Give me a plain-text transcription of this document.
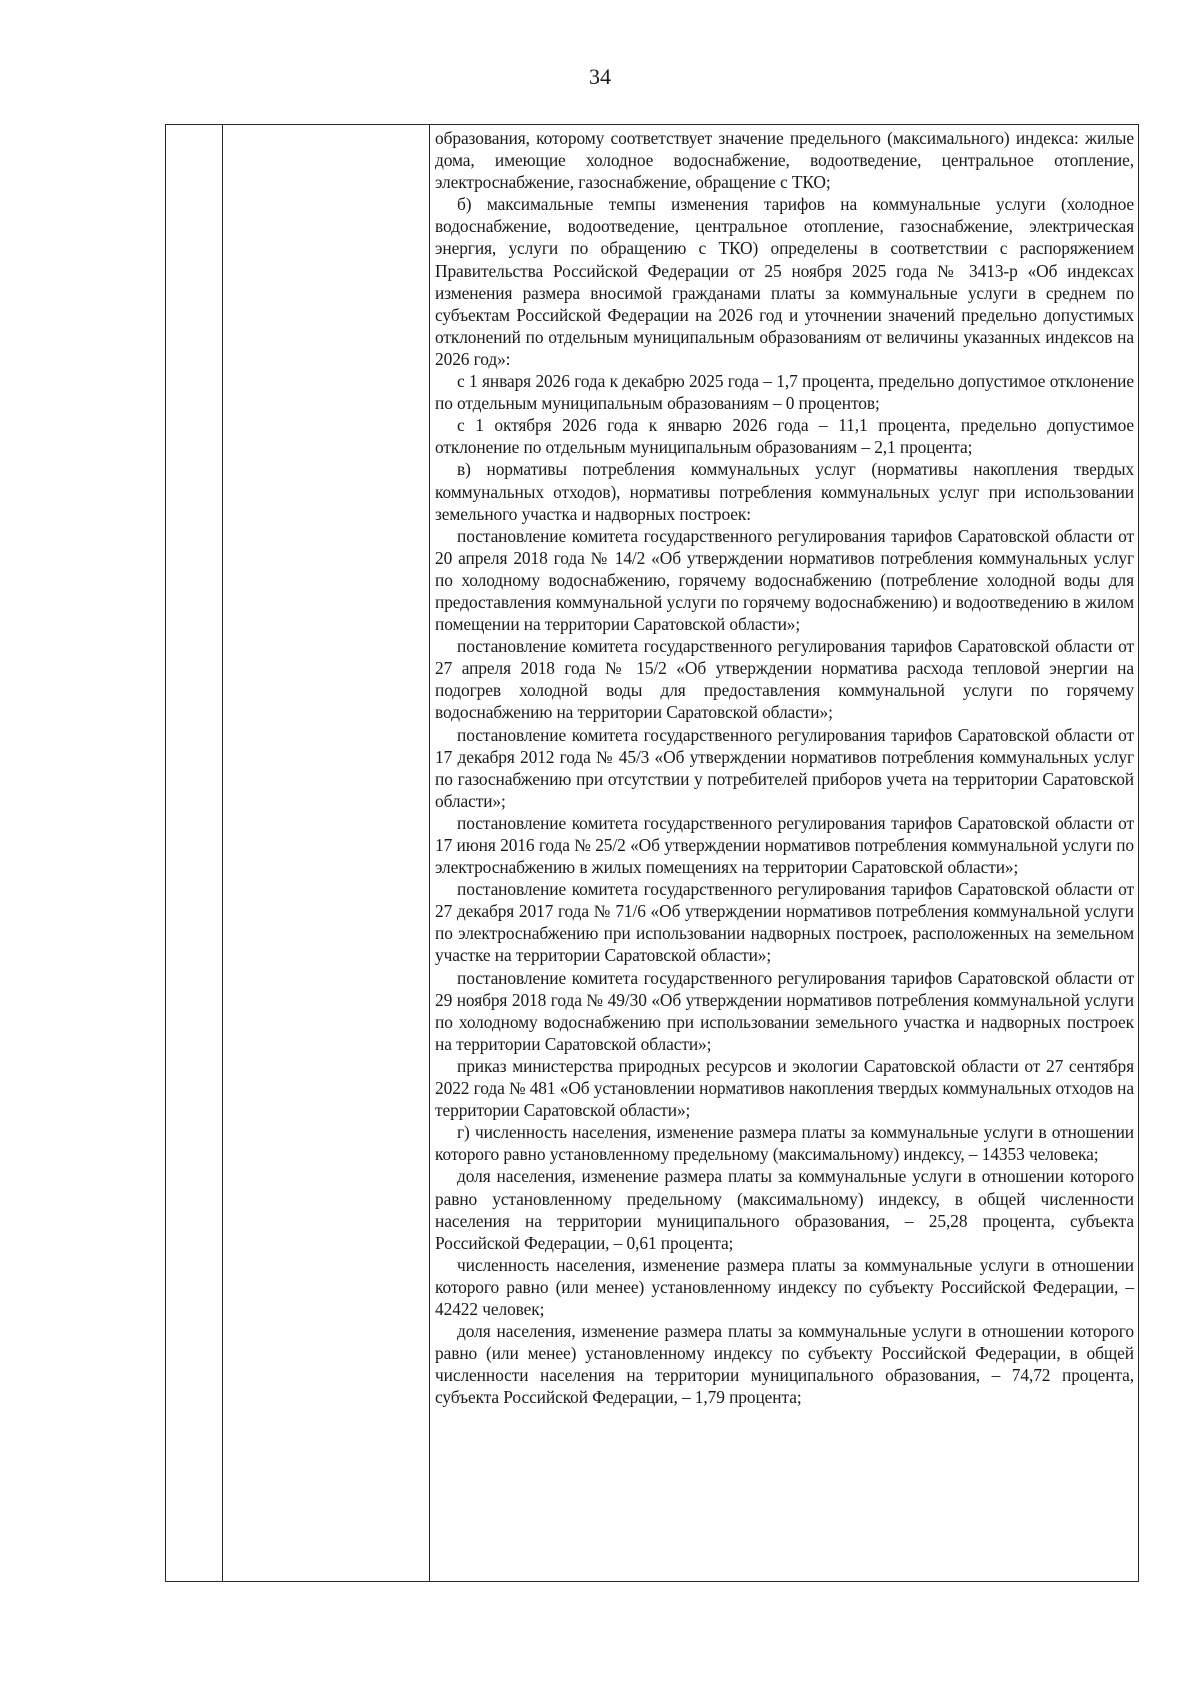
34

образования, которому соответствует значение предельного (максимального) индекса: жилые дома, имеющие холодное водоснабжение, водоотведение, центральное отопление, электроснабжение, газоснабжение, обращение с ТКО;

б) максимальные темпы изменения тарифов на коммунальные услуги (холодное водоснабжение, водоотведение, центральное отопление, газоснабжение, электрическая энергия, услуги по обращению с ТКО) определены в соответствии с распоряжением Правительства Российской Федерации от 25 ноября 2025 года № 3413-р «Об индексах изменения размера вносимой гражданами платы за коммунальные услуги в среднем по субъектам Российской Федерации на 2026 год и уточнении значений предельно допустимых отклонений по отдельным муниципальным образованиям от величины указанных индексов на 2026 год»:

с 1 января 2026 года к декабрю 2025 года – 1,7 процента, предельно допустимое отклонение по отдельным муниципальным образованиям – 0 процентов;

с 1 октября 2026 года к январю 2026 года – 11,1 процента, предельно допустимое отклонение по отдельным муниципальным образованиям – 2,1 процента;

в) нормативы потребления коммунальных услуг (нормативы накопления твердых коммунальных отходов), нормативы потребления коммунальных услуг при использовании земельного участка и надворных построек:

постановление комитета государственного регулирования тарифов Саратовской области от 20 апреля 2018 года № 14/2 «Об утверждении нормативов потребления коммунальных услуг по холодному водоснабжению, горячему водоснабжению (потребление холодной воды для предоставления коммунальной услуги по горячему водоснабжению) и водоотведению в жилом помещении на территории Саратовской области»;

постановление комитета государственного регулирования тарифов Саратовской области от 27 апреля 2018 года № 15/2 «Об утверждении норматива расхода тепловой энергии на подогрев холодной воды для предоставления коммунальной услуги по горячему водоснабжению на территории Саратовской области»;

постановление комитета государственного регулирования тарифов Саратовской области от 17 декабря 2012 года № 45/3 «Об утверждении нормативов потребления коммунальных услуг по газоснабжению при отсутствии у потребителей приборов учета на территории Саратовской области»;

постановление комитета государственного регулирования тарифов Саратовской области от 17 июня 2016 года № 25/2 «Об утверждении нормативов потребления коммунальной услуги по электроснабжению в жилых помещениях на территории Саратовской области»;

постановление комитета государственного регулирования тарифов Саратовской области от 27 декабря 2017 года № 71/6 «Об утверждении нормативов потребления коммунальной услуги по электроснабжению при использовании надворных построек, расположенных на земельном участке на территории Саратовской области»;

постановление комитета государственного регулирования тарифов Саратовской области от 29 ноября 2018 года № 49/30 «Об утверждении нормативов потребления коммунальной услуги по холодному водоснабжению при использовании земельного участка и надворных построек на территории Саратовской области»;

приказ министерства природных ресурсов и экологии Саратовской области от 27 сентября 2022 года № 481 «Об установлении нормативов накопления твердых коммунальных отходов на территории Саратовской области»;

г) численность населения, изменение размера платы за коммунальные услуги в отношении которого равно установленному предельному (максимальному) индексу, – 14353 человека;

доля населения, изменение размера платы за коммунальные услуги в отношении которого равно установленному предельному (максимальному) индексу, в общей численности населения на территории муниципального образования, – 25,28 процента, субъекта Российской Федерации, – 0,61 процента;

численность населения, изменение размера платы за коммунальные услуги в отношении которого равно (или менее) установленному индексу по субъекту Российской Федерации, – 42422 человек;

доля населения, изменение размера платы за коммунальные услуги в отношении которого равно (или менее) установленному индексу по субъекту Российской Федерации, в общей численности населения на территории муниципального образования, – 74,72 процента, субъекта Российской Федерации, – 1,79 процента;
